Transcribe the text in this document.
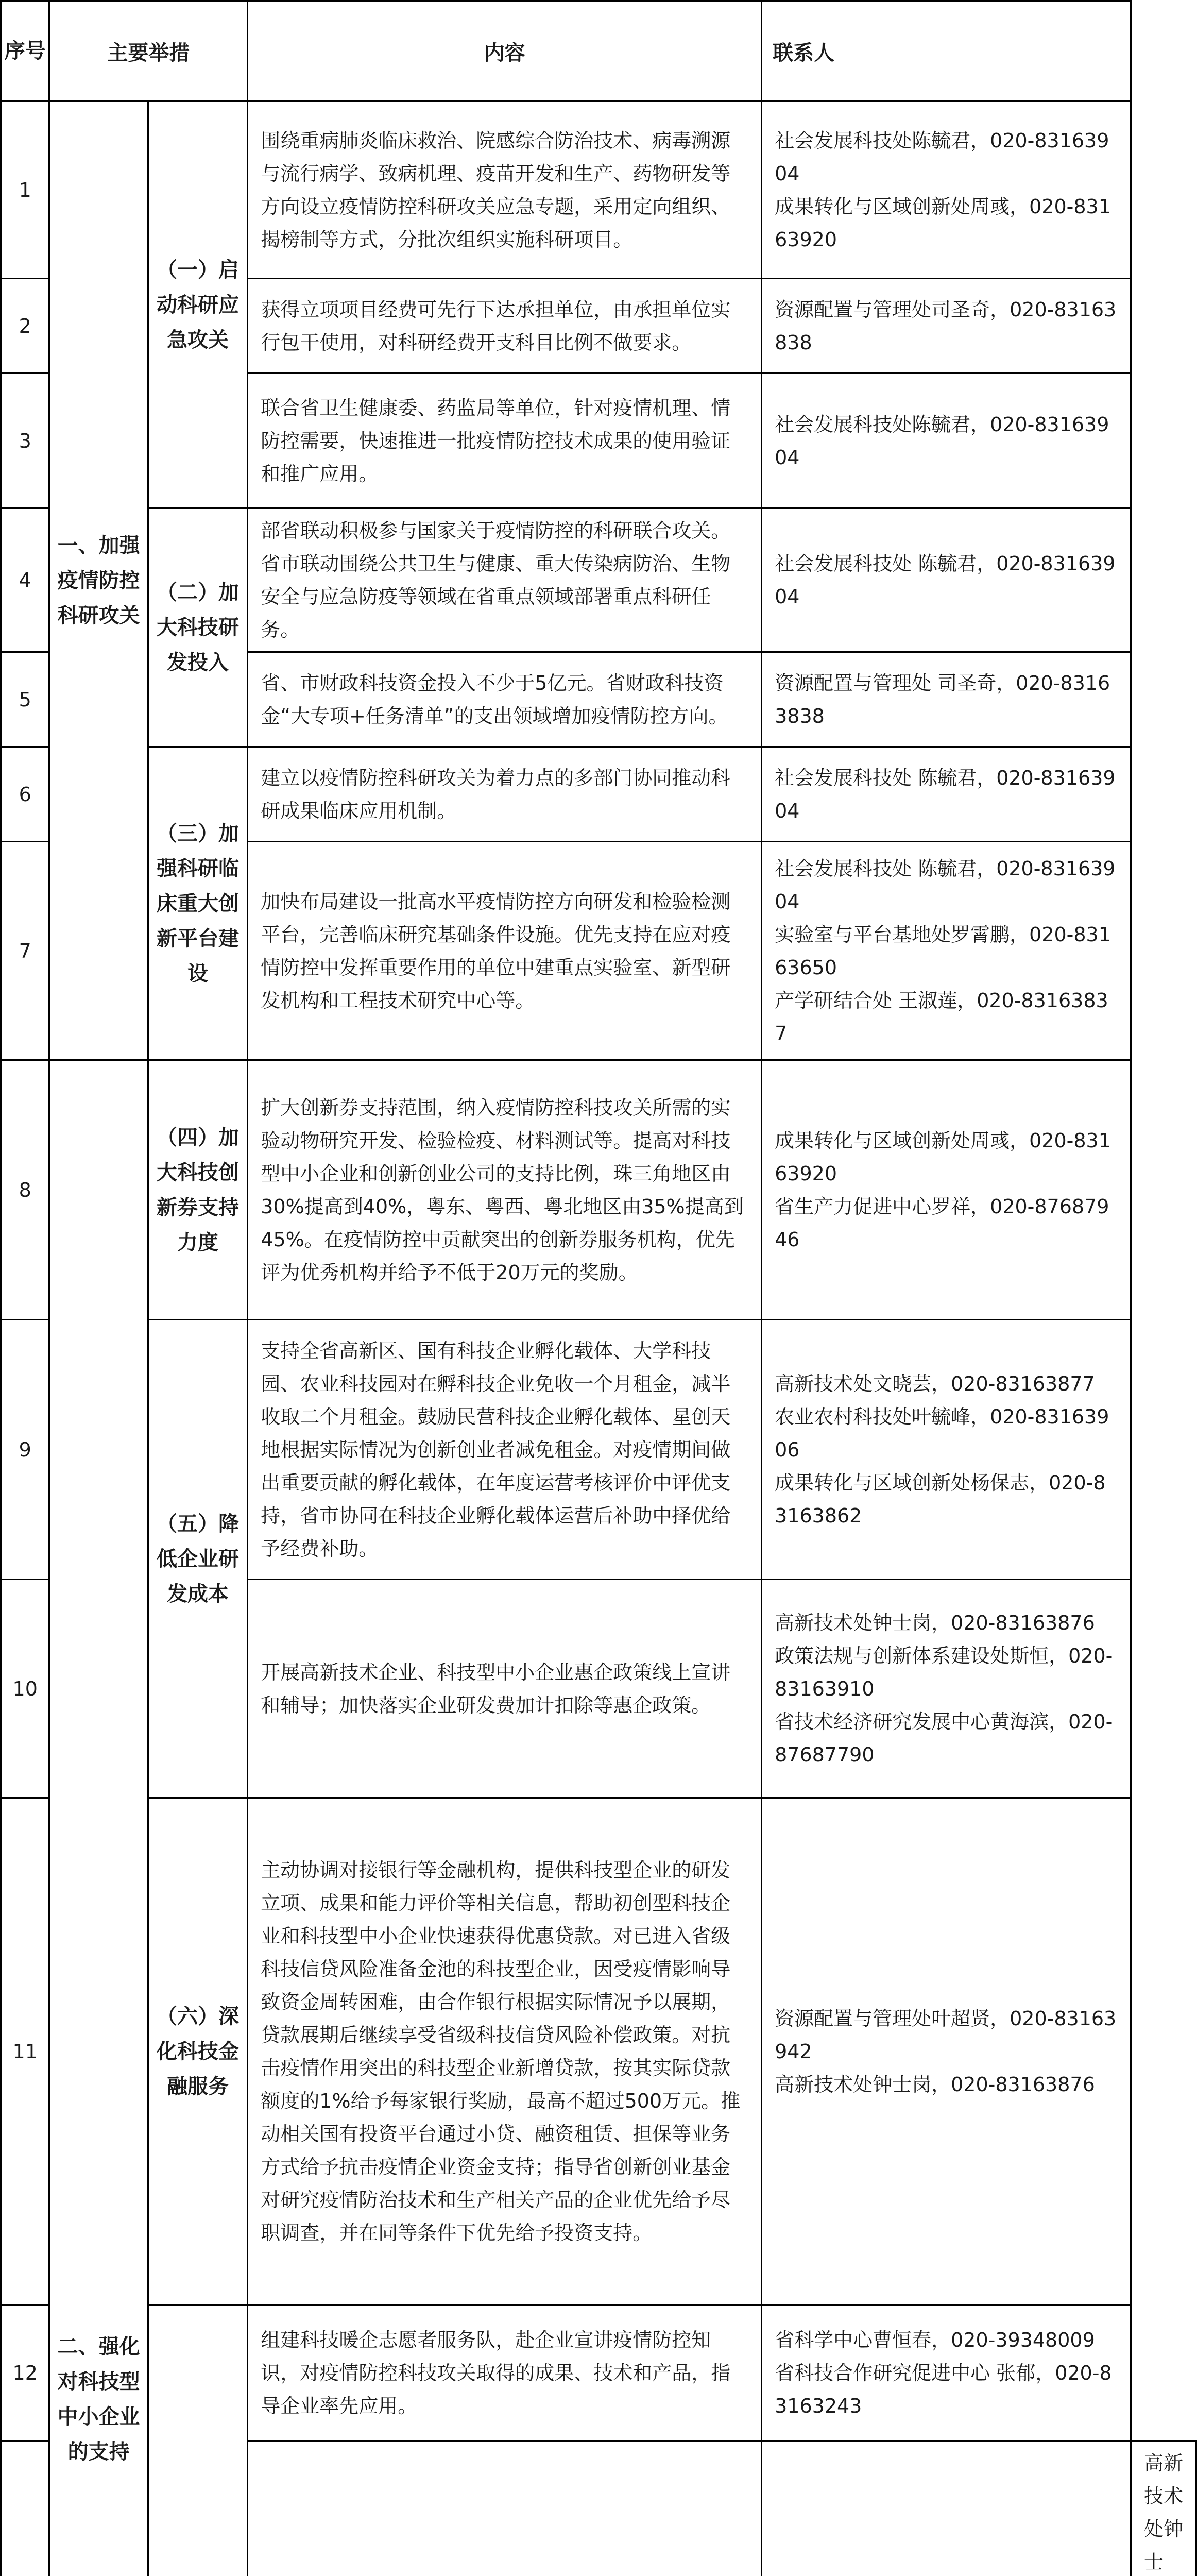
序号	主要举措		内容	联系人	
1	一、加强疫情防控科研攻关	（一）启动科研应急攻关	围绕重病肺炎临床救治、院感综合防治技术、病毒溯源与流行病学、致病机理、疫苗开发和生产、药物研发等方向设立疫情防控科研攻关应急专题，采用定向组织、揭榜制等方式，分批次组织实施科研项目。	社会发展科技处陈毓君，020-83163904
成果转化与区域创新处周彧，020-83163920	

2			获得立项项目经费可先行下达承担单位，由承担单位实行包干使用，对科研经费开支科目比例不做要求。	资源配置与管理处司圣奇，020-83163838	

3			联合省卫生健康委、药监局等单位，针对疫情机理、情防控需要，快速推进一批疫情防控技术成果的使用验证和推广应用。	社会发展科技处陈毓君，020-83163904	

4		（二）加大科技研发投入	部省联动积极参与国家关于疫情防控的科研联合攻关。省市联动围绕公共卫生与健康、重大传染病防治、生物安全与应急防疫等领域在省重点领域部署重点科研任务。	社会发展科技处 陈毓君，020-83163904	

5			省、市财政科技资金投入不少于5亿元。省财政科技资金“大专项+任务清单”的支出领域增加疫情防控方向。	资源配置与管理处 司圣奇，020-83163838	

6		（三）加强科研临床重大创新平台建设	建立以疫情防控科研攻关为着力点的多部门协同推动科研成果临床应用机制。	社会发展科技处 陈毓君，020-83163904	

7			加快布局建设一批高水平疫情防控方向研发和检验检测平台，完善临床研究基础条件设施。优先支持在应对疫情防控中发挥重要作用的单位中建重点实验室、新型研发机构和工程技术研究中心等。	社会发展科技处 陈毓君，020-83163904
实验室与平台基地处罗霄鹏，020-83163650
产学研结合处 王淑莲，020-83163837	

8	二、强化对科技型中小企业的支持	（四）加大科技创新券支持力度	扩大创新券支持范围，纳入疫情防控科技攻关所需的实验动物研究开发、检验检疫、材料测试等。提高对科技型中小企业和创新创业公司的支持比例，珠三角地区由30%提高到40%，粤东、粤西、粤北地区由35%提高到45%。在疫情防控中贡献突出的创新券服务机构，优先评为优秀机构并给予不低于20万元的奖励。	成果转化与区域创新处周彧，020-83163920
省生产力促进中心罗祥，020-87687946	

9		（五）降低企业研发成本	支持全省高新区、国有科技企业孵化载体、大学科技园、农业科技园对在孵科技企业免收一个月租金，减半收取二个月租金。鼓励民营科技企业孵化载体、星创天地根据实际情况为创新创业者减免租金。对疫情期间做出重要贡献的孵化载体，在年度运营考核评价中评优支持，省市协同在科技企业孵化载体运营后补助中择优给予经费补助。	高新技术处文晓芸，020-83163877
农业农村科技处叶毓峰，020-83163906
成果转化与区域创新处杨保志，020-83163862	

10			开展高新技术企业、科技型中小企业惠企政策线上宣讲和辅导；加快落实企业研发费加计扣除等惠企政策。	高新技术处钟士岗，020-83163876
政策法规与创新体系建设处斯恒，020-83163910
省技术经济研究发展中心黄海滨，020-87687790	

11		（六）深化科技金融服务	主动协调对接银行等金融机构，提供科技型企业的研发立项、成果和能力评价等相关信息，帮助初创型科技企业和科技型中小企业快速获得优惠贷款。对已进入省级科技信贷风险准备金池的科技型企业，因受疫情影响导致资金周转困难，由合作银行根据实际情况予以展期，贷款展期后继续享受省级科技信贷风险补偿政策。对抗击疫情作用突出的科技型企业新增贷款，按其实际贷款额度的1%给予每家银行奖励，最高不超过500万元。推动相关国有投资平台通过小贷、融资租赁、担保等业务方式给予抗击疫情企业资金支持；指导省创新创业基金对研究疫情防治技术和生产相关产品的企业优先给予尽职调查，并在同等条件下优先给予投资支持。	资源配置与管理处叶超贤，020-83163942
高新技术处钟士岗，020-83163876	

12			组建科技暖企志愿者服务队，赴企业宣讲疫情防控知识，对疫情防控科技攻关取得的成果、技术和产品，指导企业率先应用。	省科学中心曹恒春，020-39348009
省科技合作研究促进中心 张郁，020-83163243	

高新技术处钟士
